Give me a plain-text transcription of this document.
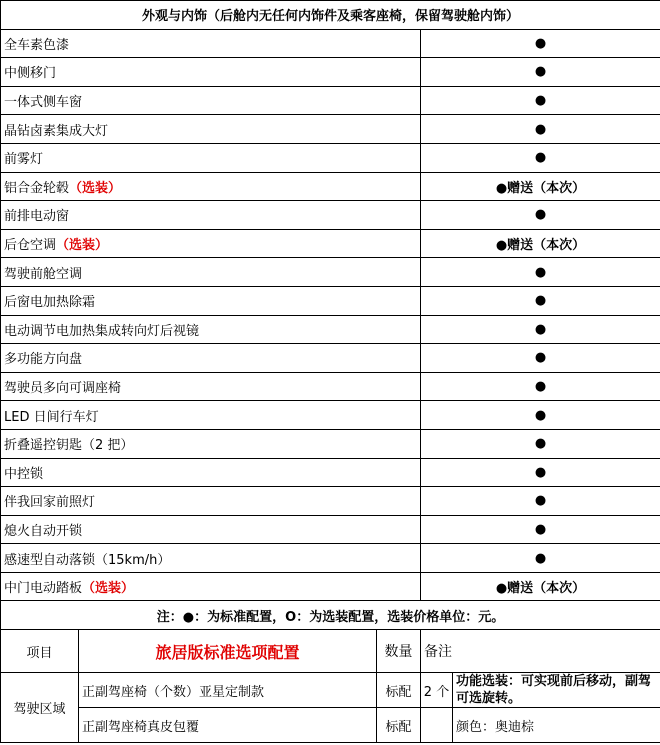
外观与内饰（后舱内无任何内饰件及乘客座椅，保留驾驶舱内饰）	
全车素色漆	●
中侧移门	●
一体式侧车窗	●
晶钻卤素集成大灯	●
前雾灯	●
铝合金轮毂（选装）	●赠送（本次）
前排电动窗	●
后仓空调（选装）	●赠送（本次）
驾驶前舱空调	●
后窗电加热除霜	●
电动调节电加热集成转向灯后视镜	●
多功能方向盘	●
驾驶员多向可调座椅	●
LED 日间行车灯	●
折叠遥控钥匙（2 把）	●
中控锁	●
伴我回家前照灯	●
熄火自动开锁	●
感速型自动落锁（15km/h）	●
中门电动踏板（选装）	●赠送（本次）
注：●：为标准配置，O：为选装配置，选装价格单位：元。	
项目	旅居版标准选项配置	数量	备注	
驾驶区域	正副驾座椅（个数）亚星定制款	标配	2 个	功能选装：可实现前后移动，副驾可选旋转。
	正副驾座椅真皮包覆	标配		颜色：奥迪棕
